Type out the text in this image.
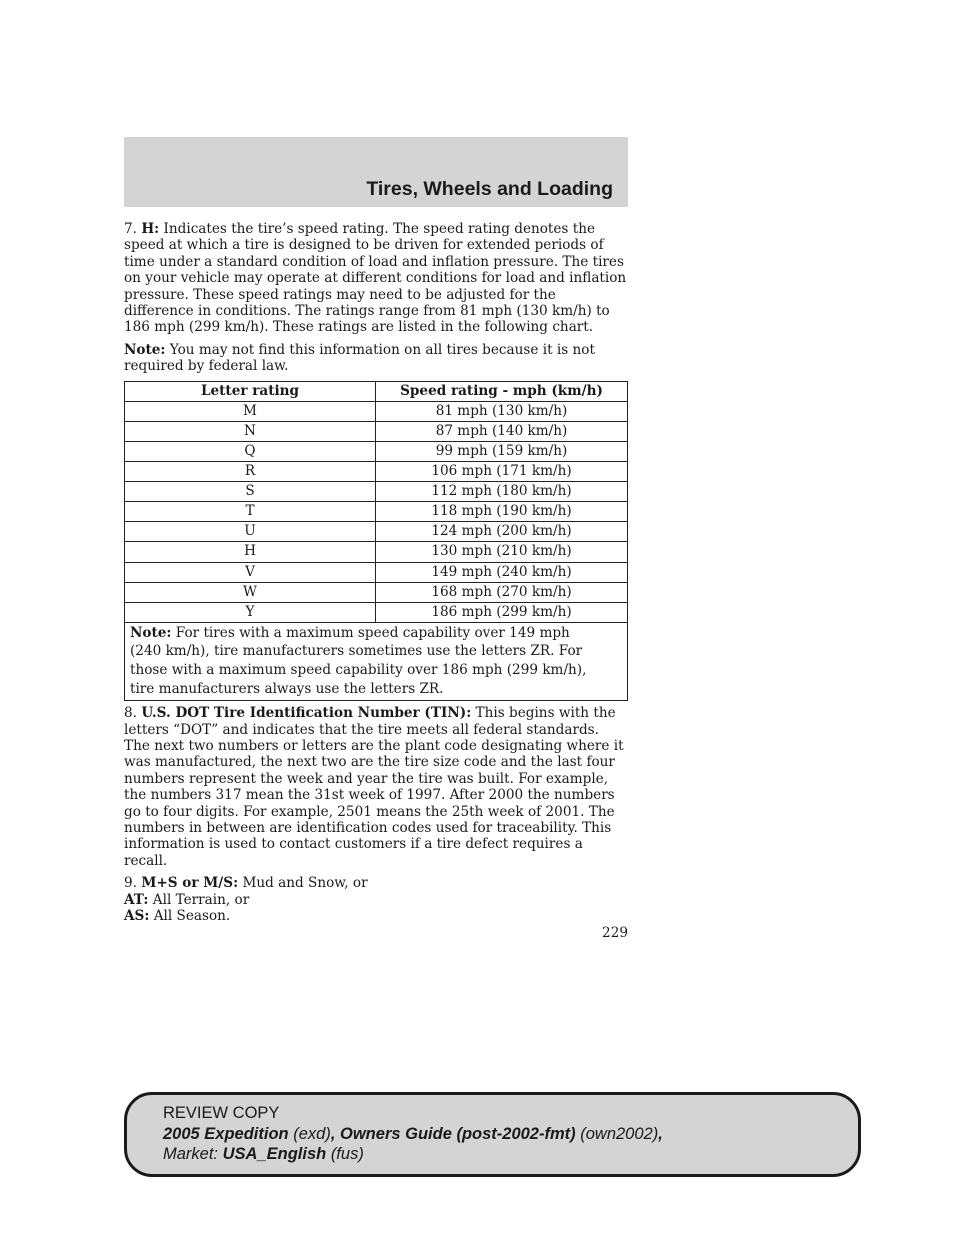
Tires, Wheels and Loading

7. H: Indicates the tire’s speed rating. The speed rating denotes the speed at which a tire is designed to be driven for extended periods of time under a standard condition of load and inflation pressure. The tires on your vehicle may operate at different conditions for load and inflation pressure. These speed ratings may need to be adjusted for the difference in conditions. The ratings range from 81 mph (130 km/h) to 186 mph (299 km/h). These ratings are listed in the following chart.

Note: You may not find this information on all tires because it is not required by federal law.

Letter rating	Speed rating - mph (km/h)
M	81 mph (130 km/h)
N	87 mph (140 km/h)
Q	99 mph (159 km/h)
R	106 mph (171 km/h)
S	112 mph (180 km/h)
T	118 mph (190 km/h)
U	124 mph (200 km/h)
H	130 mph (210 km/h)
V	149 mph (240 km/h)
W	168 mph (270 km/h)
Y	186 mph (299 km/h)

Note: For tires with a maximum speed capability over 149 mph
(240 km/h), tire manufacturers sometimes use the letters ZR. For
those with a maximum speed capability over 186 mph (299 km/h),
tire manufacturers always use the letters ZR.	

8. U.S. DOT Tire Identification Number (TIN): This begins with the letters “DOT” and indicates that the tire meets all federal standards. The next two numbers or letters are the plant code designating where it was manufactured, the next two are the tire size code and the last four numbers represent the week and year the tire was built. For example, the numbers 317 mean the 31st week of 1997. After 2000 the numbers go to four digits. For example, 2501 means the 25th week of 2001. The numbers in between are identification codes used for traceability. This information is used to contact customers if a tire defect requires a recall.

9. M+S or M/S: Mud and Snow, or
AT: All Terrain, or
AS: All Season.

229
REVIEW COPY
2005 Expedition (exd), Owners Guide (post-2002-fmt) (own2002),
Market: USA_English (fus)
